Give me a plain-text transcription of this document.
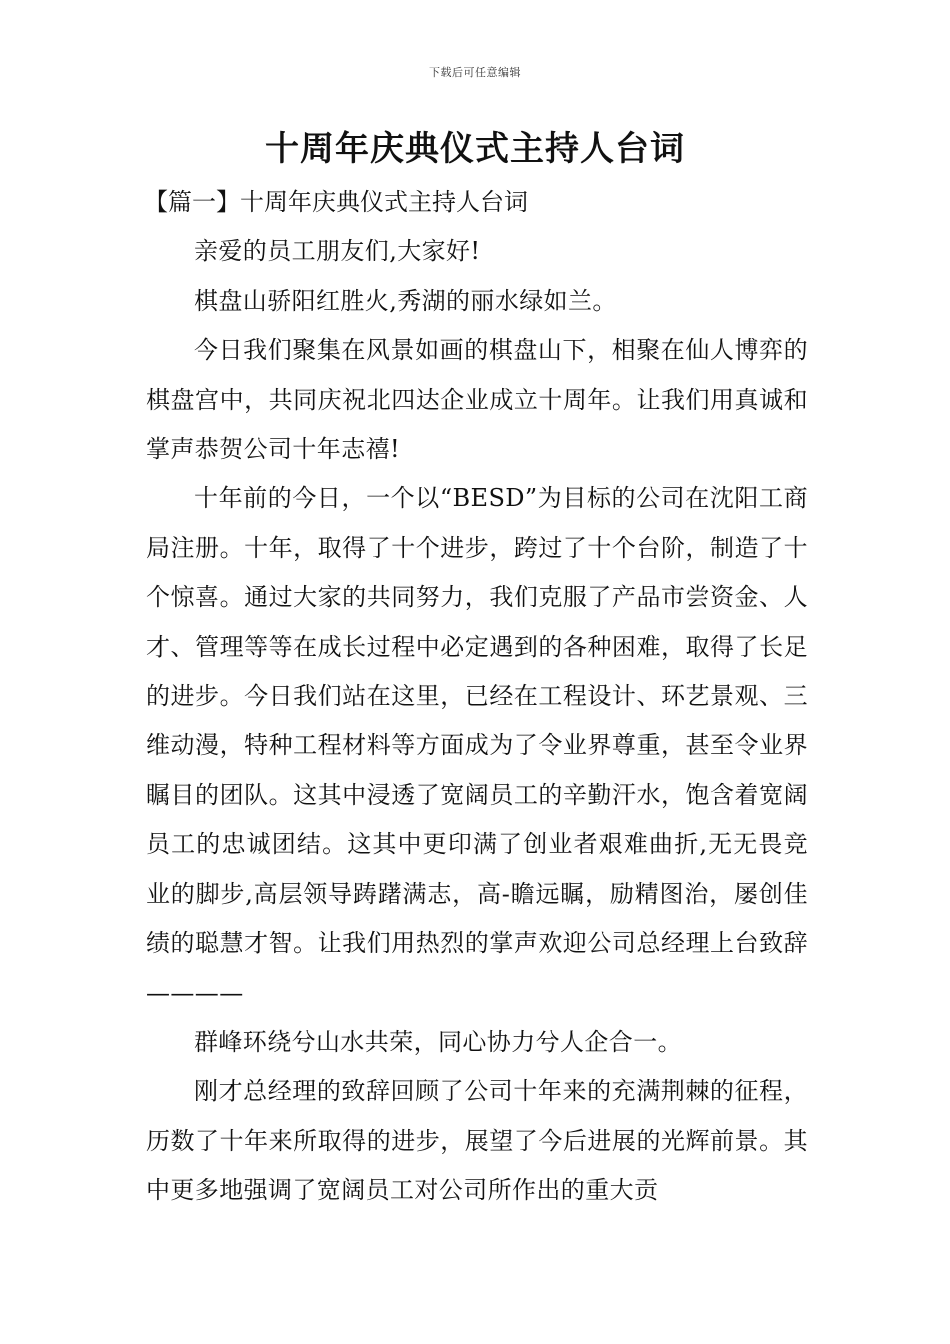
下载后可任意编辑
十周年庆典仪式主持人台词
【篇一】十周年庆典仪式主持人台词

亲爱的员工朋友们,大家好!

棋盘山骄阳红胜火,秀湖的丽水绿如兰。

今日我们聚集在风景如画的棋盘山下，相聚在仙人博弈的棋盘宫中，共同庆祝北四达企业成立十周年。让我们用真诚和掌声恭贺公司十年志禧!

十年前的今日，一个以“BESD”为目标的公司在沈阳工商局注册。十年，取得了十个进步，跨过了十个台阶，制造了十个惊喜。通过大家的共同努力，我们克服了产品市尝资金、人才、管理等等在成长过程中必定遇到的各种困难，取得了长足的进步。今日我们站在这里，已经在工程设计、环艺景观、三维动漫，特种工程材料等方面成为了令业界尊重，甚至令业界瞩目的团队。这其中浸透了宽阔员工的辛勤汗水，饱含着宽阔员工的忠诚团结。这其中更印满了创业者艰难曲折,无无畏竞业的脚步,高层领导踌躇满志，高-瞻远瞩，励精图治，屡创佳绩的聪慧才智。让我们用热烈的掌声欢迎公司总经理上台致辞————

群峰环绕兮山水共荣，同心协力兮人企合一。

刚才总经理的致辞回顾了公司十年来的充满荆棘的征程，历数了十年来所取得的进步，展望了今后进展的光辉前景。其中更多地强调了宽阔员工对公司所作出的重大贡
